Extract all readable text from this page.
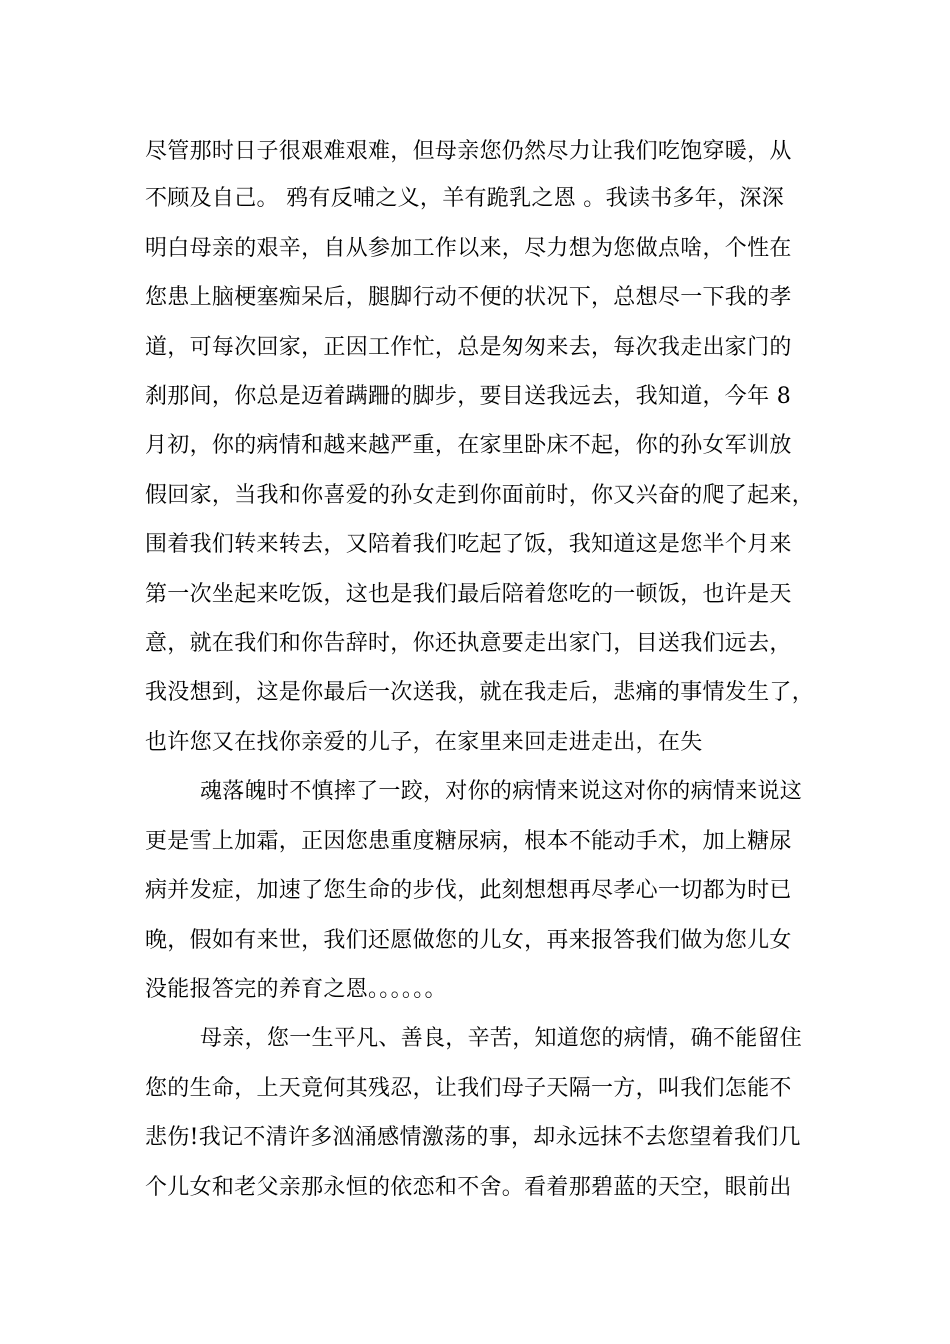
尽管那时日子很艰难艰难，但母亲您仍然尽力让我们吃饱穿暖，从
不顾及自己。 鸦有反哺之义，羊有跪乳之恩 。我读书多年，深深
明白母亲的艰辛，自从参加工作以来，尽力想为您做点啥，个性在
您患上脑梗塞痴呆后，腿脚行动不便的状况下，总想尽一下我的孝
道，可每次回家，正因工作忙，总是匆匆来去，每次我走出家门的
刹那间，你总是迈着蹒跚的脚步，要目送我远去，我知道，今年 8
月初，你的病情和越来越严重，在家里卧床不起，你的孙女军训放
假回家，当我和你喜爱的孙女走到你面前时，你又兴奋的爬了起来，
围着我们转来转去，又陪着我们吃起了饭，我知道这是您半个月来
第一次坐起来吃饭，这也是我们最后陪着您吃的一顿饭，也许是天
意，就在我们和你告辞时，你还执意要走出家门，目送我们远去，
我没想到，这是你最后一次送我，就在我走后，悲痛的事情发生了，
也许您又在找你亲爱的儿子，在家里来回走进走出，在失
魂落魄时不慎摔了一跤，对你的病情来说这对你的病情来说这
更是雪上加霜，正因您患重度糖尿病，根本不能动手术，加上糖尿
病并发症，加速了您生命的步伐，此刻想想再尽孝心一切都为时已
晚，假如有来世，我们还愿做您的儿女，再来报答我们做为您儿女
没能报答完的养育之恩。。。。。。
母亲，您一生平凡、善良，辛苦，知道您的病情，确不能留住
您的生命，上天竟何其残忍，让我们母子天隔一方，叫我们怎能不
悲伤!我记不清许多汹涌感情激荡的事，却永远抹不去您望着我们几
个儿女和老父亲那永恒的依恋和不舍。看着那碧蓝的天空，眼前出
